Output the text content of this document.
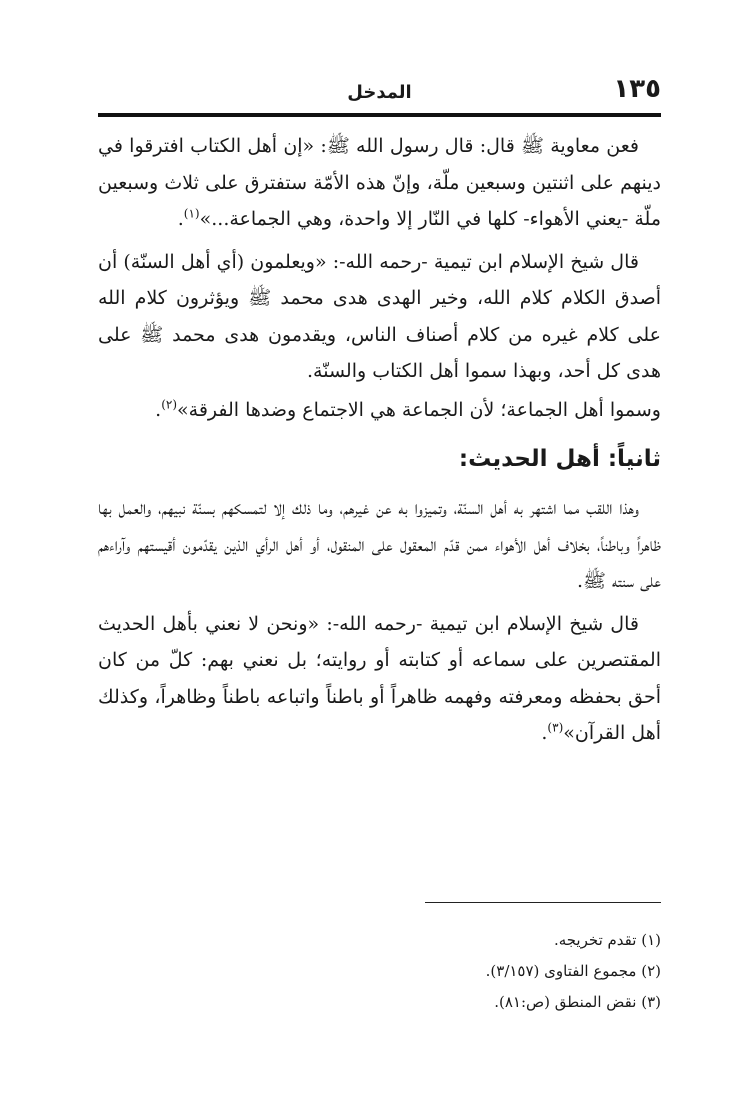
١٣٥
المدخل

فعن معاوية ﷺ قال: قال رسول الله ﷺ: «إن أهل الكتاب افترقوا في دينهم على اثنتين وسبعين ملّة، وإنّ هذه الأمّة ستفترق على ثلاث وسبعين ملّة -يعني الأهواء- كلها في النّار إلا واحدة، وهي الجماعة...»$^{(١)}$.

قال شيخ الإسلام ابن تيمية -رحمه الله-: «ويعلمون (أي أهل السنّة) أن أصدق الكلام كلام الله، وخير الهدى هدى محمد ﷺ ويؤثرون كلام الله على كلام غيره من كلام أصناف الناس، ويقدمون هدى محمد ﷺ على هدى كل أحد، وبهذا سموا أهل الكتاب والسنّة.

وسموا أهل الجماعة؛ لأن الجماعة هي الاجتماع وضدها الفرقة»$^{(٢)}$.

ثانياً: أهل الحديث:

وهذا اللقب مما اشتهر به أهل السنّة، وتميزوا به عن غيرهم، وما ذلك إلا لتمسكهم بسنّة نبيهم، والعمل بها ظاهراً وباطناً، بخلاف أهل الأهواء ممن قدّم المعقول على المنقول، أو أهل الرأي الذين يقدّمون أقيستهم وآراءهم على سنته ﷺ.

قال شيخ الإسلام ابن تيمية -رحمه الله-: «ونحن لا نعني بأهل الحديث المقتصرين على سماعه أو كتابته أو روايته؛ بل نعني بهم: كلّ من كان أحق بحفظه ومعرفته وفهمه ظاهراً أو باطناً واتباعه باطناً وظاهراً، وكذلك أهل القرآن»$^{(٣)}$.

(١) تقدم تخريجه.
(٢) مجموع الفتاوى (٣/١٥٧).
(٣) نقض المنطق (ص:٨١).
